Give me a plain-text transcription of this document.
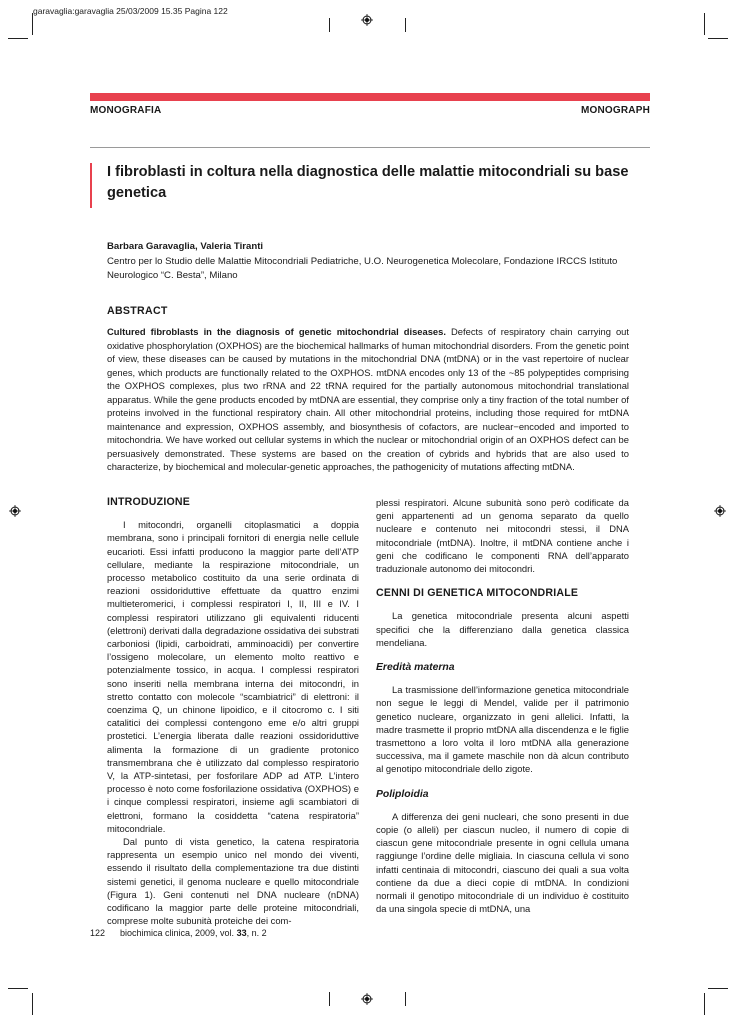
garavaglia:garavaglia 25/03/2009 15.35 Pagina 122
MONOGRAFIA	MONOGRAPH
I fibroblasti in coltura nella diagnostica delle malattie mitocondriali su base genetica
Barbara Garavaglia, Valeria Tiranti
Centro per lo Studio delle Malattie Mitocondriali Pediatriche, U.O. Neurogenetica Molecolare, Fondazione IRCCS Istituto Neurologico “C. Besta”, Milano
ABSTRACT
Cultured fibroblasts in the diagnosis of genetic mitochondrial diseases. Defects of respiratory chain carrying out oxidative phosphorylation (OXPHOS) are the biochemical hallmarks of human mitochondrial disorders. From the genetic point of view, these diseases can be caused by mutations in the mitochondrial DNA (mtDNA) or in the vast repertoire of nuclear genes, which products are functionally related to the OXPHOS. mtDNA encodes only 13 of the ~85 polypeptides comprising the OXPHOS complexes, plus two rRNA and 22 tRNA required for the partially autonomous mitochondrial translational apparatus. While the gene products encoded by mtDNA are essential, they comprise only a tiny fraction of the total number of proteins involved in the functional respiratory chain. All other mitochondrial proteins, including those required for mtDNA maintenance and expression, OXPHOS assembly, and biosynthesis of cofactors, are nuclear−encoded and imported to mitochondria. We have worked out cellular systems in which the nuclear or mitochondrial origin of an OXPHOS defect can be persuasively demonstrated. These systems are based on the creation of cybrids and hybrids that are also used to characterize, by biochemical and molecular-genetic approaches, the pathogenicity of mutations affecting mtDNA.
INTRODUZIONE

I mitocondri, organelli citoplasmatici a doppia membrana, sono i principali fornitori di energia nelle cellule eucarioti. Essi infatti producono la maggior parte dell’ATP cellulare, mediante la respirazione mitocondriale, un processo metabolico costituito da una serie ordinata di reazioni ossidoriduttive effettuate da quattro enzimi multieteromerici, i complessi respiratori I, II, III e IV. I complessi respiratori utilizzano gli equivalenti riducenti (elettroni) derivati dalla degradazione ossidativa dei substrati carboniosi (lipidi, carboidrati, amminoacidi) per convertire l’ossigeno molecolare, un elemento molto reattivo e potenzialmente tossico, in acqua. I complessi respiratori sono inseriti nella membrana interna dei mitocondri, in stretto contatto con molecole “scambiatrici” di elettroni: il coenzima Q, un chinone lipoidico, e il citocromo c. I siti catalitici dei complessi contengono eme e/o altri gruppi prostetici. L’energia liberata dalle reazioni ossidoriduttive alimenta la formazione di un gradiente protonico transmembrana che è utilizzato dal complesso respiratorio V, la ATP-sintetasi, per fosforilare ADP ad ATP. L’intero processo è noto come fosforilazione ossidativa (OXPHOS) e i cinque complessi respiratori, insieme agli scambiatori di elettroni, formano la cosiddetta “catena respiratoria” mitocondriale.

Dal punto di vista genetico, la catena respiratoria rappresenta un esempio unico nel mondo dei viventi, essendo il risultato della complementazione tra due distinti sistemi genetici, il genoma nucleare e quello mitocondriale (Figura 1). Geni contenuti nel DNA nucleare (nDNA) codificano la maggior parte delle proteine mitocondriali, comprese molte subunità proteiche dei com-

plessi respiratori. Alcune subunità sono però codificate da geni appartenenti ad un genoma separato da quello nucleare e contenuto nei mitocondri stessi, il DNA mitocondriale (mtDNA). Inoltre, il mtDNA contiene anche i geni che codificano le componenti RNA dell’apparato traduzionale autonomo dei mitocondri.

CENNI DI GENETICA MITOCONDRIALE

La genetica mitocondriale presenta alcuni aspetti specifici che la differenziano dalla genetica classica mendeliana.

Eredità materna

La trasmissione dell’informazione genetica mitocondriale non segue le leggi di Mendel, valide per il patrimonio genetico nucleare, organizzato in geni allelici. Infatti, la madre trasmette il proprio mtDNA alla discendenza e le figlie trasmettono a loro volta il loro mtDNA alla generazione successiva, ma il gamete maschile non dà alcun contributo al genotipo mitocondriale dello zigote.

Poliploidia

A differenza dei geni nucleari, che sono presenti in due copie (o alleli) per ciascun nucleo, il numero di copie di ciascun gene mitocondriale presente in ogni cellula umana raggiunge l’ordine delle migliaia. In ciascuna cellula vi sono infatti centinaia di mitocondri, ciascuno dei quali a sua volta contiene da due a dieci copie di mtDNA. In condizioni normali il genotipo mitocondriale di un individuo è costituito da una singola specie di mtDNA, una

122 biochimica clinica, 2009, vol. 33, n. 2
